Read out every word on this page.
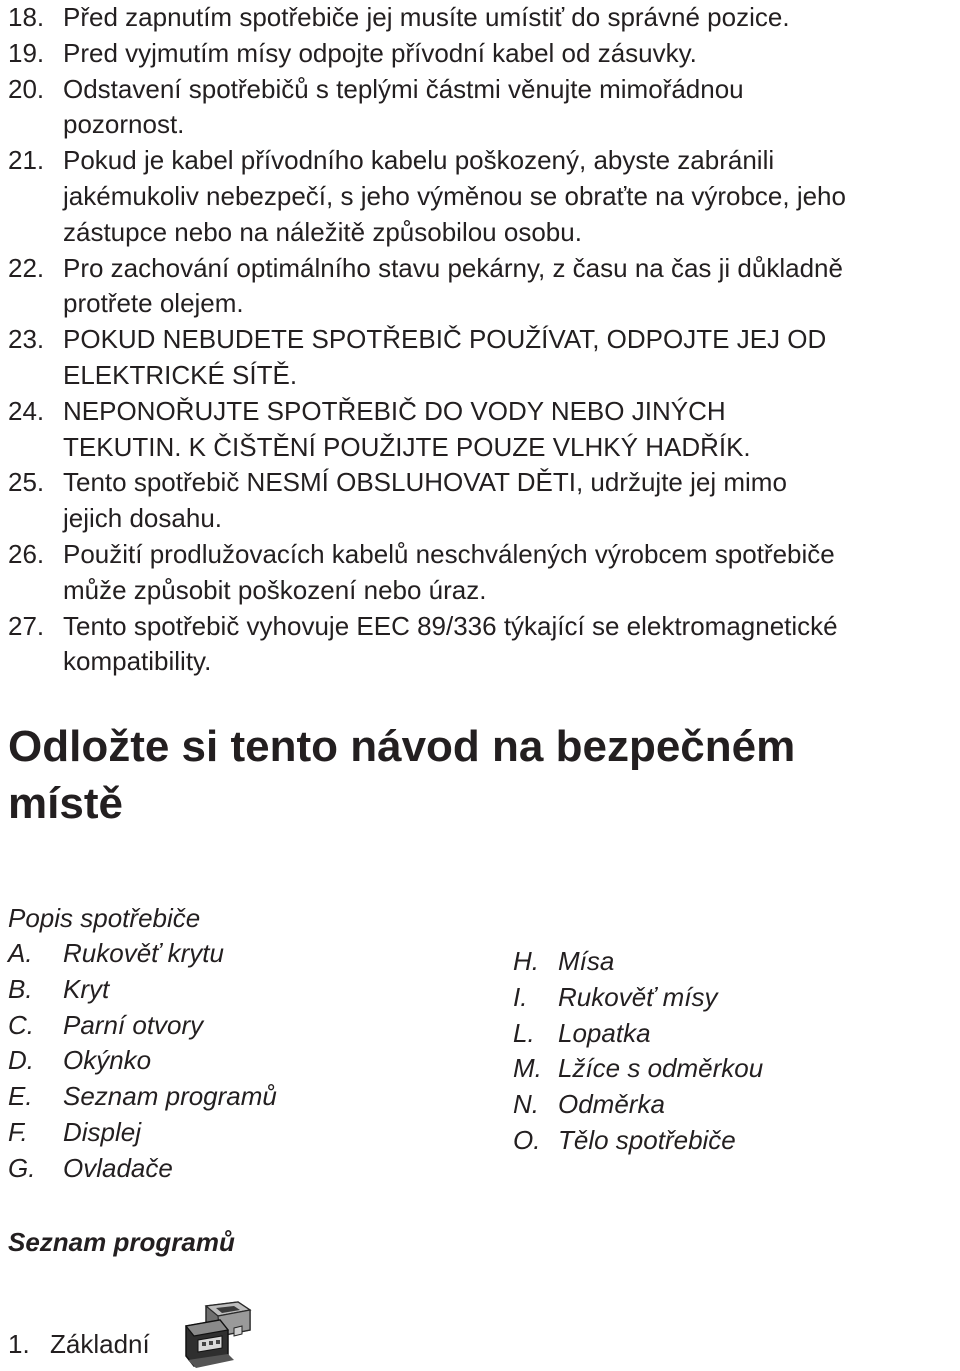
18. Před zapnutím spotřebiče jej musíte umístiť do správné pozice.
19. Pred vyjmutím mísy odpojte přívodní kabel od zásuvky.
20. Odstavení spotřebičů s teplými částmi věnujte mimořádnou
pozornost.
21. Pokud je kabel přívodního kabelu poškozený, abyste zabránili
jakémukoliv nebezpečí, s jeho výměnou se obraťte na výrobce, jeho
zástupce nebo na náležitě způsobilou osobu.
22. Pro zachování optimálního stavu pekárny, z času na čas ji důkladně
protřete olejem.
23. POKUD NEBUDETE SPOTŘEBIČ POUŽÍVAT, ODPOJTE JEJ OD
ELEKTRICKÉ SÍTĚ.
24. NEPONOŘUJTE SPOTŘEBIČ DO VODY NEBO JINÝCH
TEKUTIN. K ČIŠTĚNÍ POUŽIJTE POUZE VLHKÝ HADŘÍK.
25. Tento spotřebič NESMÍ OBSLUHOVAT DĚTI, udržujte jej mimo
jejich dosahu.
26. Použití prodlužovacích kabelů neschválených výrobcem spotřebiče
může způsobit poškození nebo úraz.
27. Tento spotřebič vyhovuje EEC 89/336 týkající se elektromagnetické
kompatibility.
Odložte si tento návod na bezpečném
místě
Popis spotřebiče
A.	Rukověť krytu
B.	Kryt
C.	Parní otvory
D.	Okýnko
E.	Seznam programů
F.	Displej
G.	Ovladače
H. Mísa
I.	Rukověť mísy
L. Lopatka
M. Lžíce s odměrkou
N. Odměrka
O. Tělo spotřebiče
Seznam programů
1. Základní
